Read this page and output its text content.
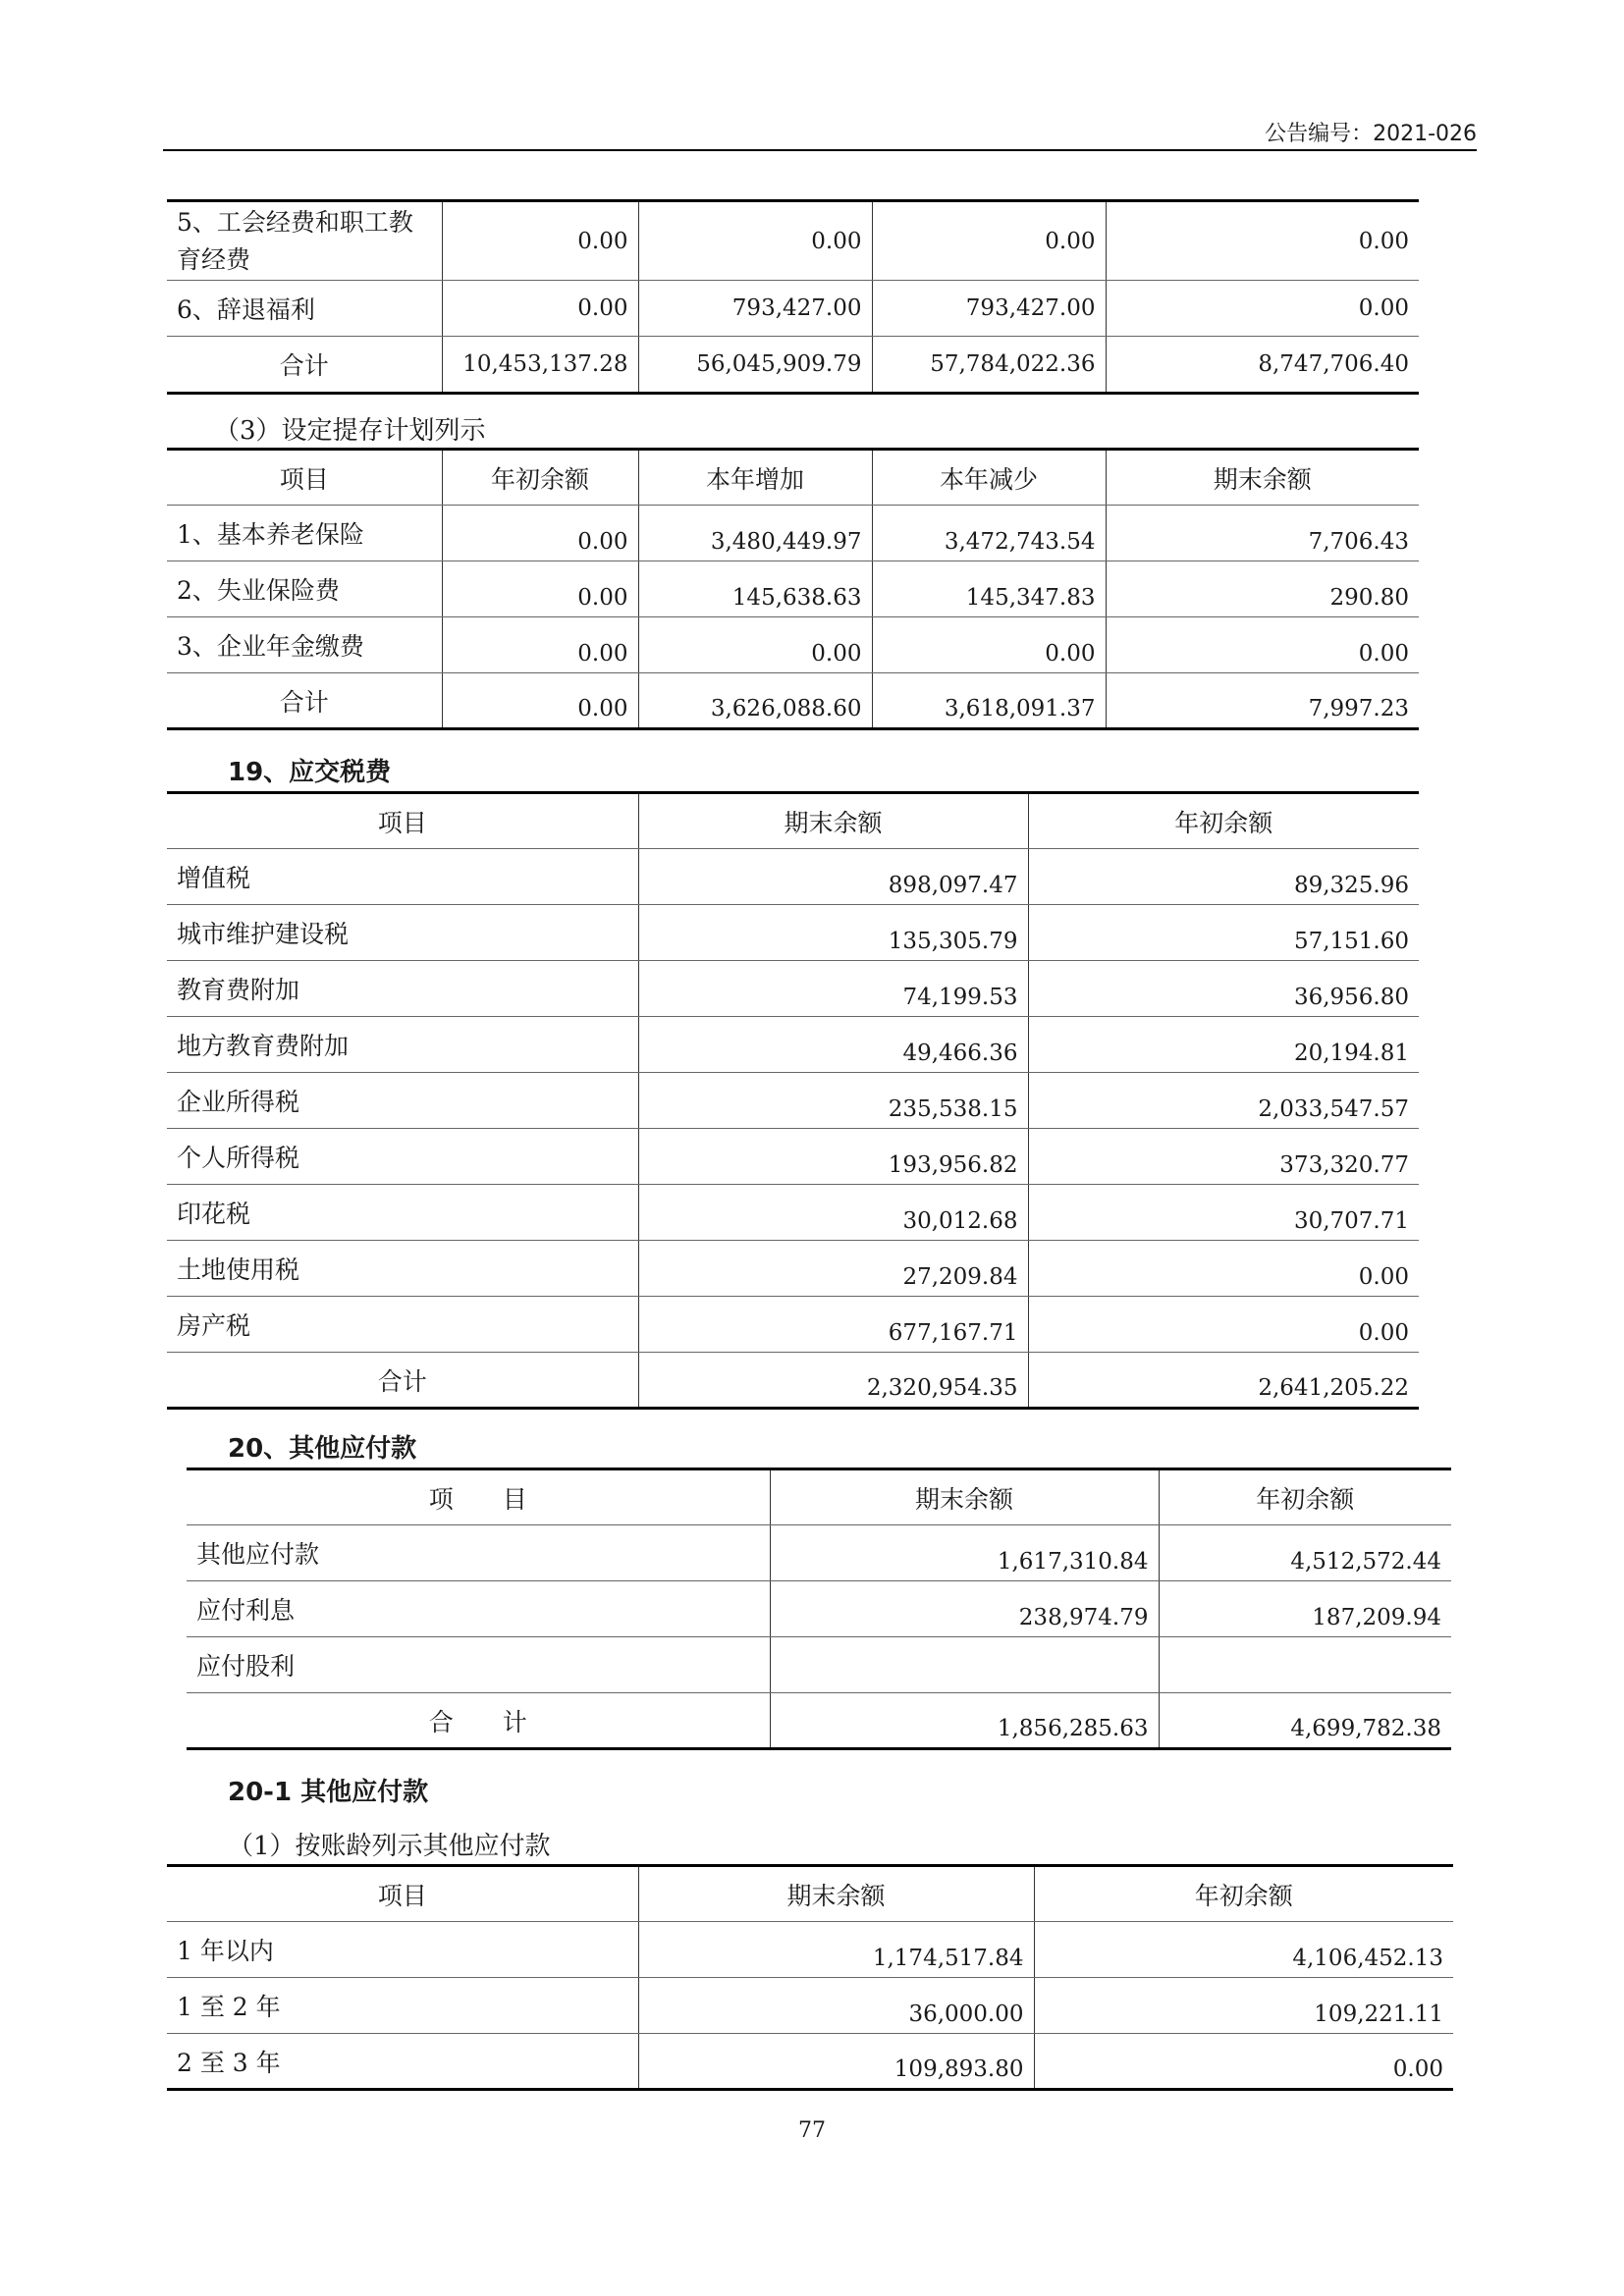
公告编号：2021-026
5、工会经费和职工教育经费	0.00	0.00	0.00	0.00
6、辞退福利	0.00	793,427.00	793,427.00	0.00
合计	10,453,137.28	56,045,909.79	57,784,022.36	8,747,706.40
（3）设定提存计划列示
项目	年初余额	本年增加	本年减少	期末余额
1、基本养老保险	0.00	3,480,449.97	3,472,743.54	7,706.43
2、失业保险费	0.00	145,638.63	145,347.83	290.80
3、企业年金缴费	0.00	0.00	0.00	0.00
合计	0.00	3,626,088.60	3,618,091.37	7,997.23
19、应交税费
项目	期末余额	年初余额
增值税	898,097.47	89,325.96
城市维护建设税	135,305.79	57,151.60
教育费附加	74,199.53	36,956.80
地方教育费附加	49,466.36	20,194.81
企业所得税	235,538.15	2,033,547.57
个人所得税	193,956.82	373,320.77
印花税	30,012.68	30,707.71
土地使用税	27,209.84	0.00
房产税	677,167.71	0.00
合计	2,320,954.35	2,641,205.22
20、其他应付款
项　　目	期末余额	年初余额
其他应付款	1,617,310.84	4,512,572.44
应付利息	238,974.79	187,209.94
应付股利		
合　　计	1,856,285.63	4,699,782.38
20-1 其他应付款
（1）按账龄列示其他应付款
项目	期末余额	年初余额
1 年以内	1,174,517.84	4,106,452.13
1 至 2 年	36,000.00	109,221.11
2 至 3 年	109,893.80	0.00
77
